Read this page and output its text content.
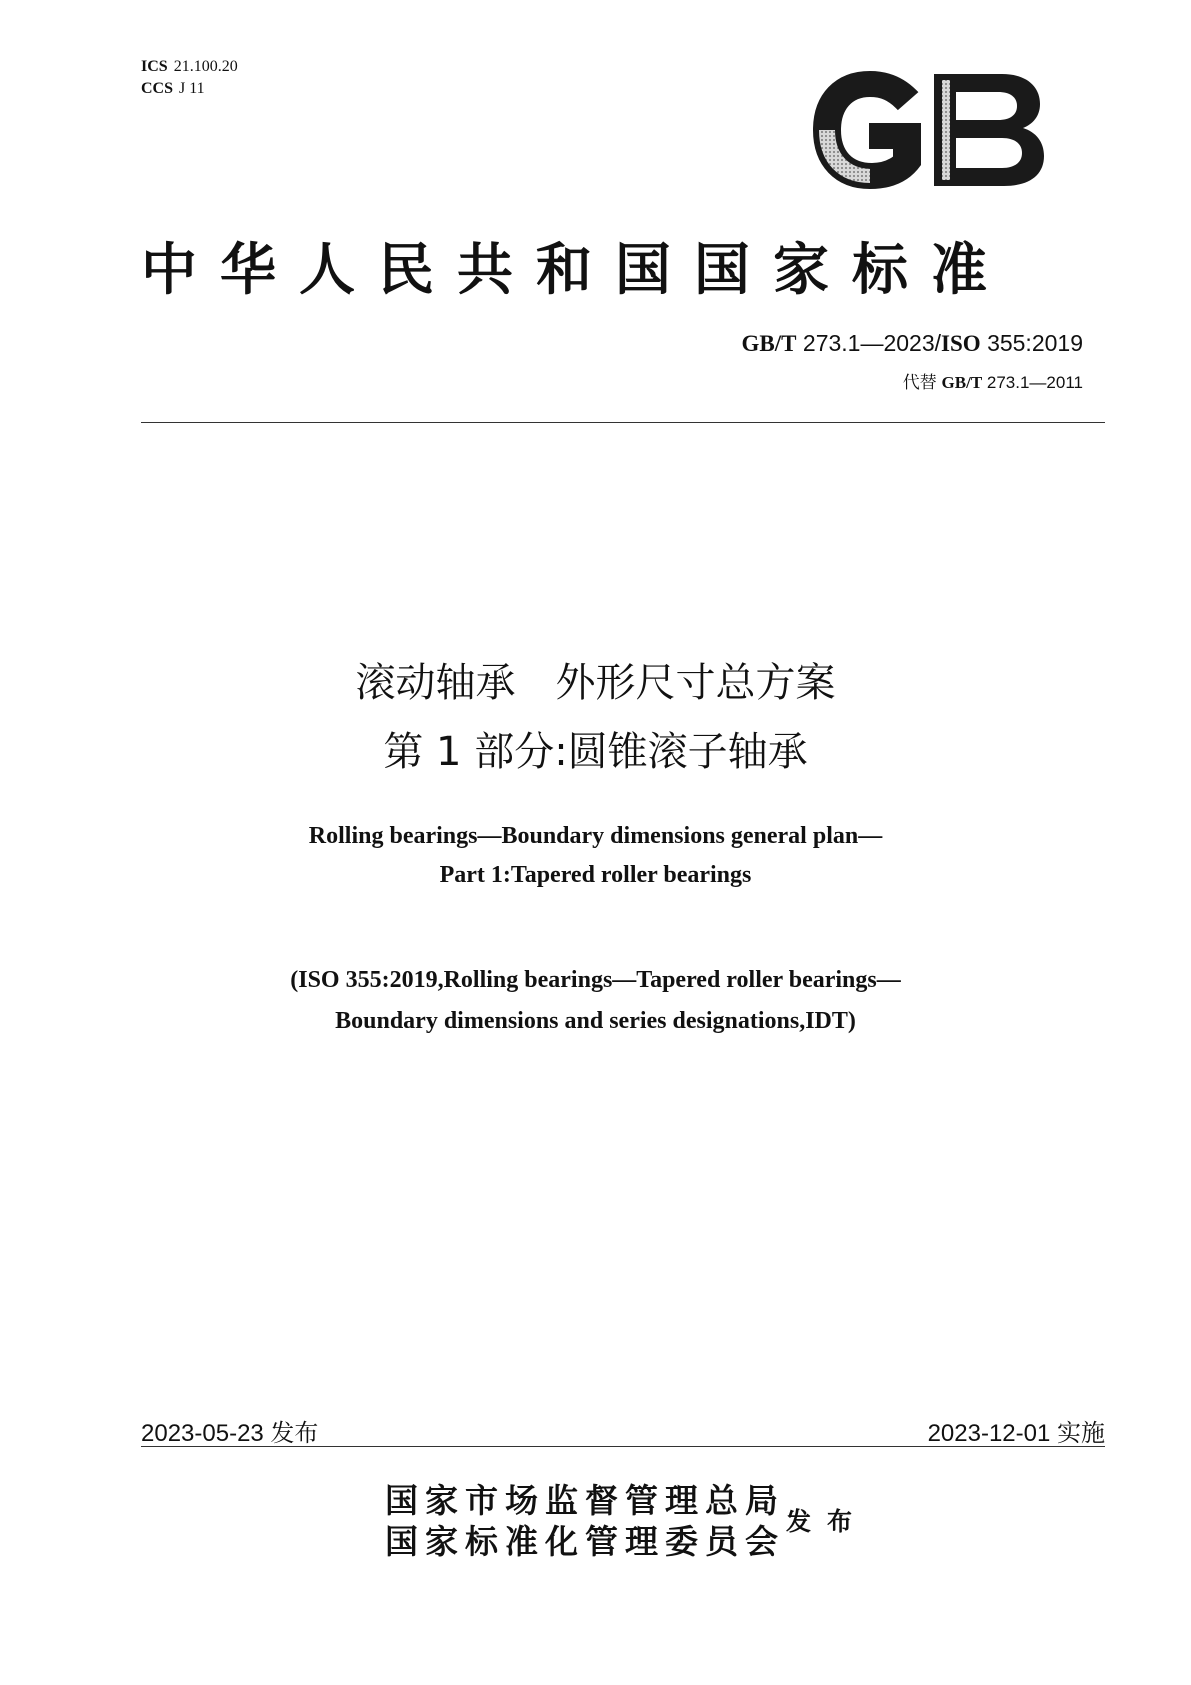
ICS 21.100.20
CCS J 11
中华人民共和国国家标准
GB/T 273.1—2023/ISO 355:2019
代替 GB/T 273.1—2011
滚动轴承　外形尺寸总方案
第 1 部分:圆锥滚子轴承
Rolling bearings—Boundary dimensions general plan—
Part 1:Tapered roller bearings
(ISO 355:2019,Rolling bearings—Tapered roller bearings—
Boundary dimensions and series designations,IDT)
2023-05-23 发布	2023-12-01 实施
国家市场监督管理总局
国家标准化管理委员会
发布
